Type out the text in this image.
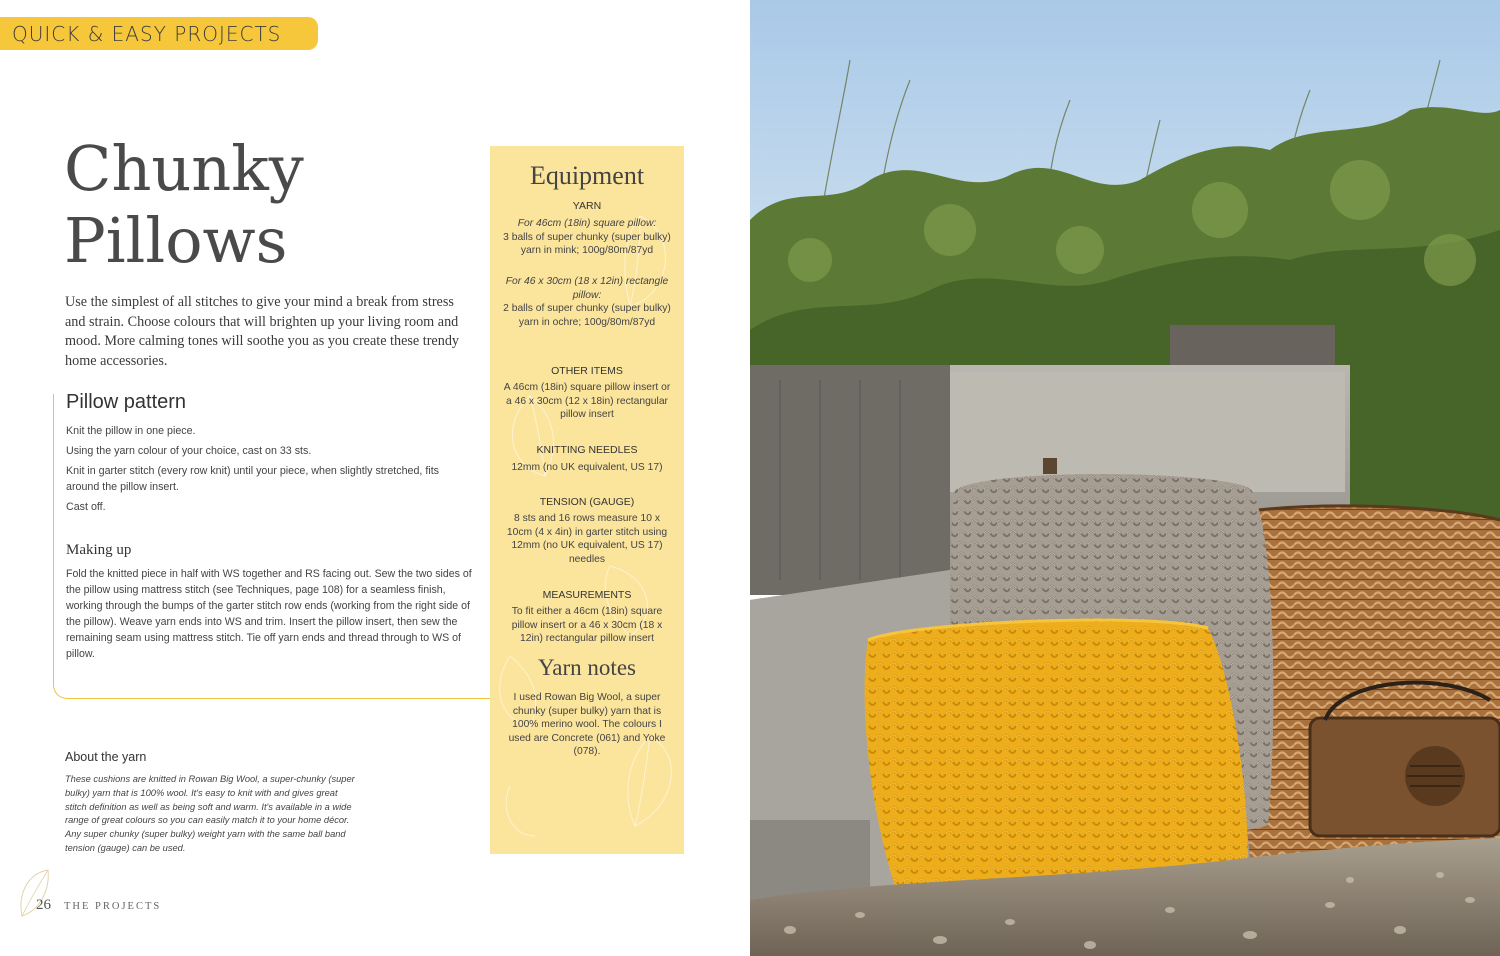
QUICK & EASY PROJECTS
Chunky
Pillows

Use the simplest of all stitches to give your mind a break from stress and strain. Choose colours that will brighten up your living room and mood. More calming tones will soothe you as you create these trendy home accessories.

Pillow pattern
Knit the pillow in one piece.
Using the yarn colour of your choice, cast on 33 sts.
Knit in garter stitch (every row knit) until your piece, when slightly stretched, fits around the pillow insert.
Cast off.
Making up

Fold the knitted piece in half with WS together and RS facing out. Sew the two sides of the pillow using mattress stitch (see Techniques, page 108) for a seamless finish, working through the bumps of the garter stitch row ends (working from the right side of the pillow). Weave yarn ends into WS and trim. Insert the pillow insert, then sew the remaining seam using mattress stitch. Tie off yarn ends and thread through to WS of pillow.

About the yarn

These cushions are knitted in Rowan Big Wool, a super-chunky (super bulky) yarn that is 100% wool. It's easy to knit with and gives great stitch definition as well as being soft and warm. It's available in a wide range of great colours so you can easily match it to your home décor. Any super chunky (super bulky) weight yarn with the same ball band tension (gauge) can be used.

26 THE PROJECTS
Equipment
YARN
For 46cm (18in) square pillow:
3 balls of super chunky (super bulky) yarn in mink; 100g/80m/87yd
For 46 x 30cm (18 x 12in) rectangle pillow:
2 balls of super chunky (super bulky) yarn in ochre; 100g/80m/87yd
OTHER ITEMS
A 46cm (18in) square pillow insert or a 46 x 30cm (12 x 18in) rectangular pillow insert
KNITTING NEEDLES
12mm (no UK equivalent, US 17)
TENSION (GAUGE)
8 sts and 16 rows measure 10 x 10cm (4 x 4in) in garter stitch using 12mm (no UK equivalent, US 17) needles
MEASUREMENTS
To fit either a 46cm (18in) square pillow insert or a 46 x 30cm (18 x 12in) rectangular pillow insert
Yarn notes
I used Rowan Big Wool, a super chunky (super bulky) yarn that is 100% merino wool. The colours I used are Concrete (061) and Yoke (078).
